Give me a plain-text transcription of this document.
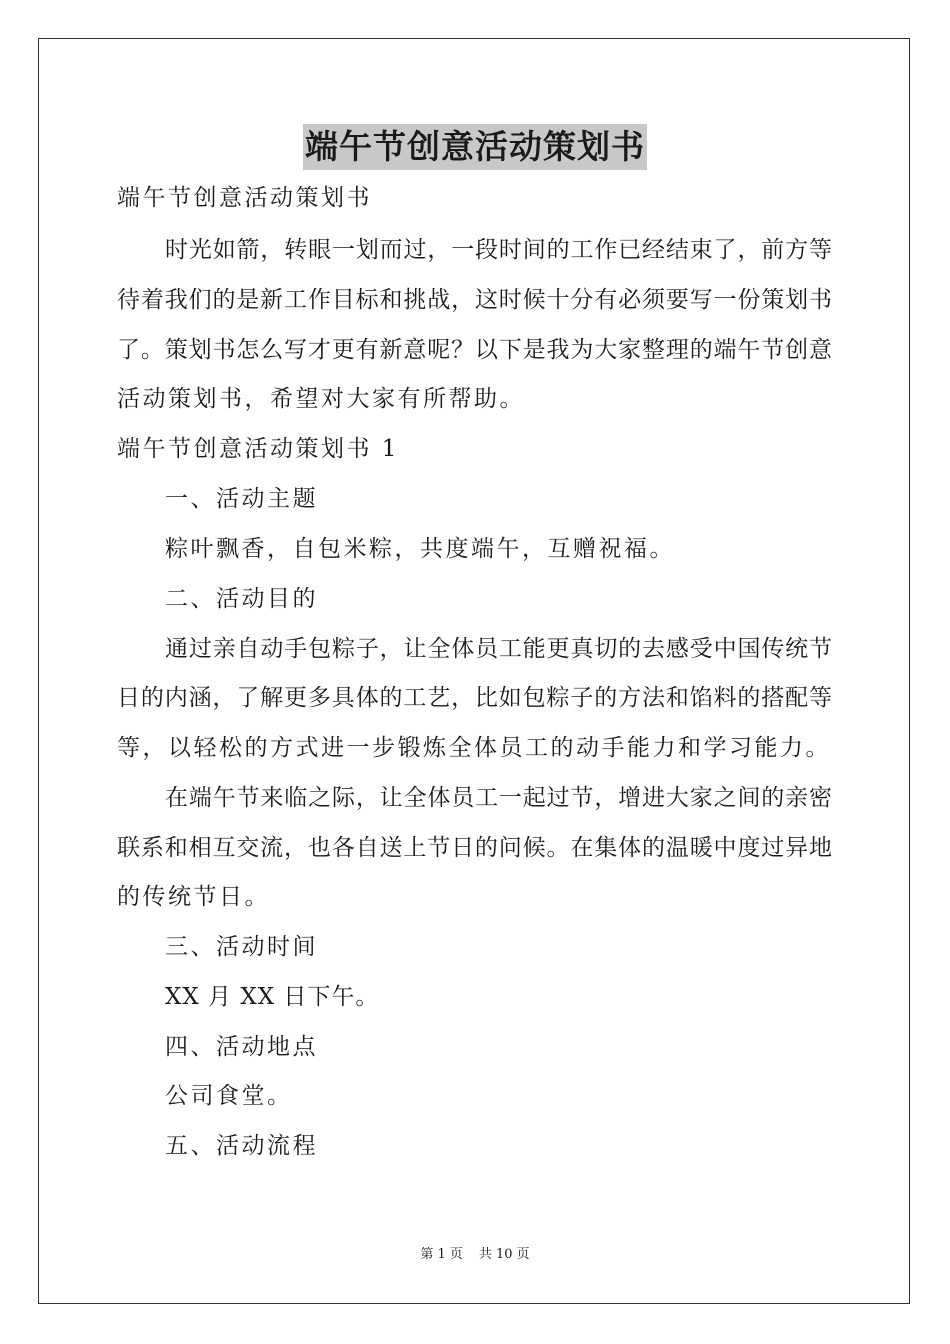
端午节创意活动策划书
端午节创意活动策划书
时光如箭，转眼一划而过，一段时间的工作已经结束了，前方等
待着我们的是新工作目标和挑战，这时候十分有必须要写一份策划书
了。策划书怎么写才更有新意呢？以下是我为大家整理的端午节创意
活动策划书，希望对大家有所帮助。
端午节创意活动策划书 1
一、活动主题
粽叶飘香，自包米粽，共度端午，互赠祝福。
二、活动目的
通过亲自动手包粽子，让全体员工能更真切的去感受中国传统节
日的内涵，了解更多具体的工艺，比如包粽子的方法和馅料的搭配等
等，以轻松的方式进一步锻炼全体员工的动手能力和学习能力。
在端午节来临之际，让全体员工一起过节，增进大家之间的亲密
联系和相互交流，也各自送上节日的问候。在集体的温暖中度过异地
的传统节日。
三、活动时间
XX 月 XX 日下午。
四、活动地点
公司食堂。
五、活动流程
第 1 页 共 10 页
